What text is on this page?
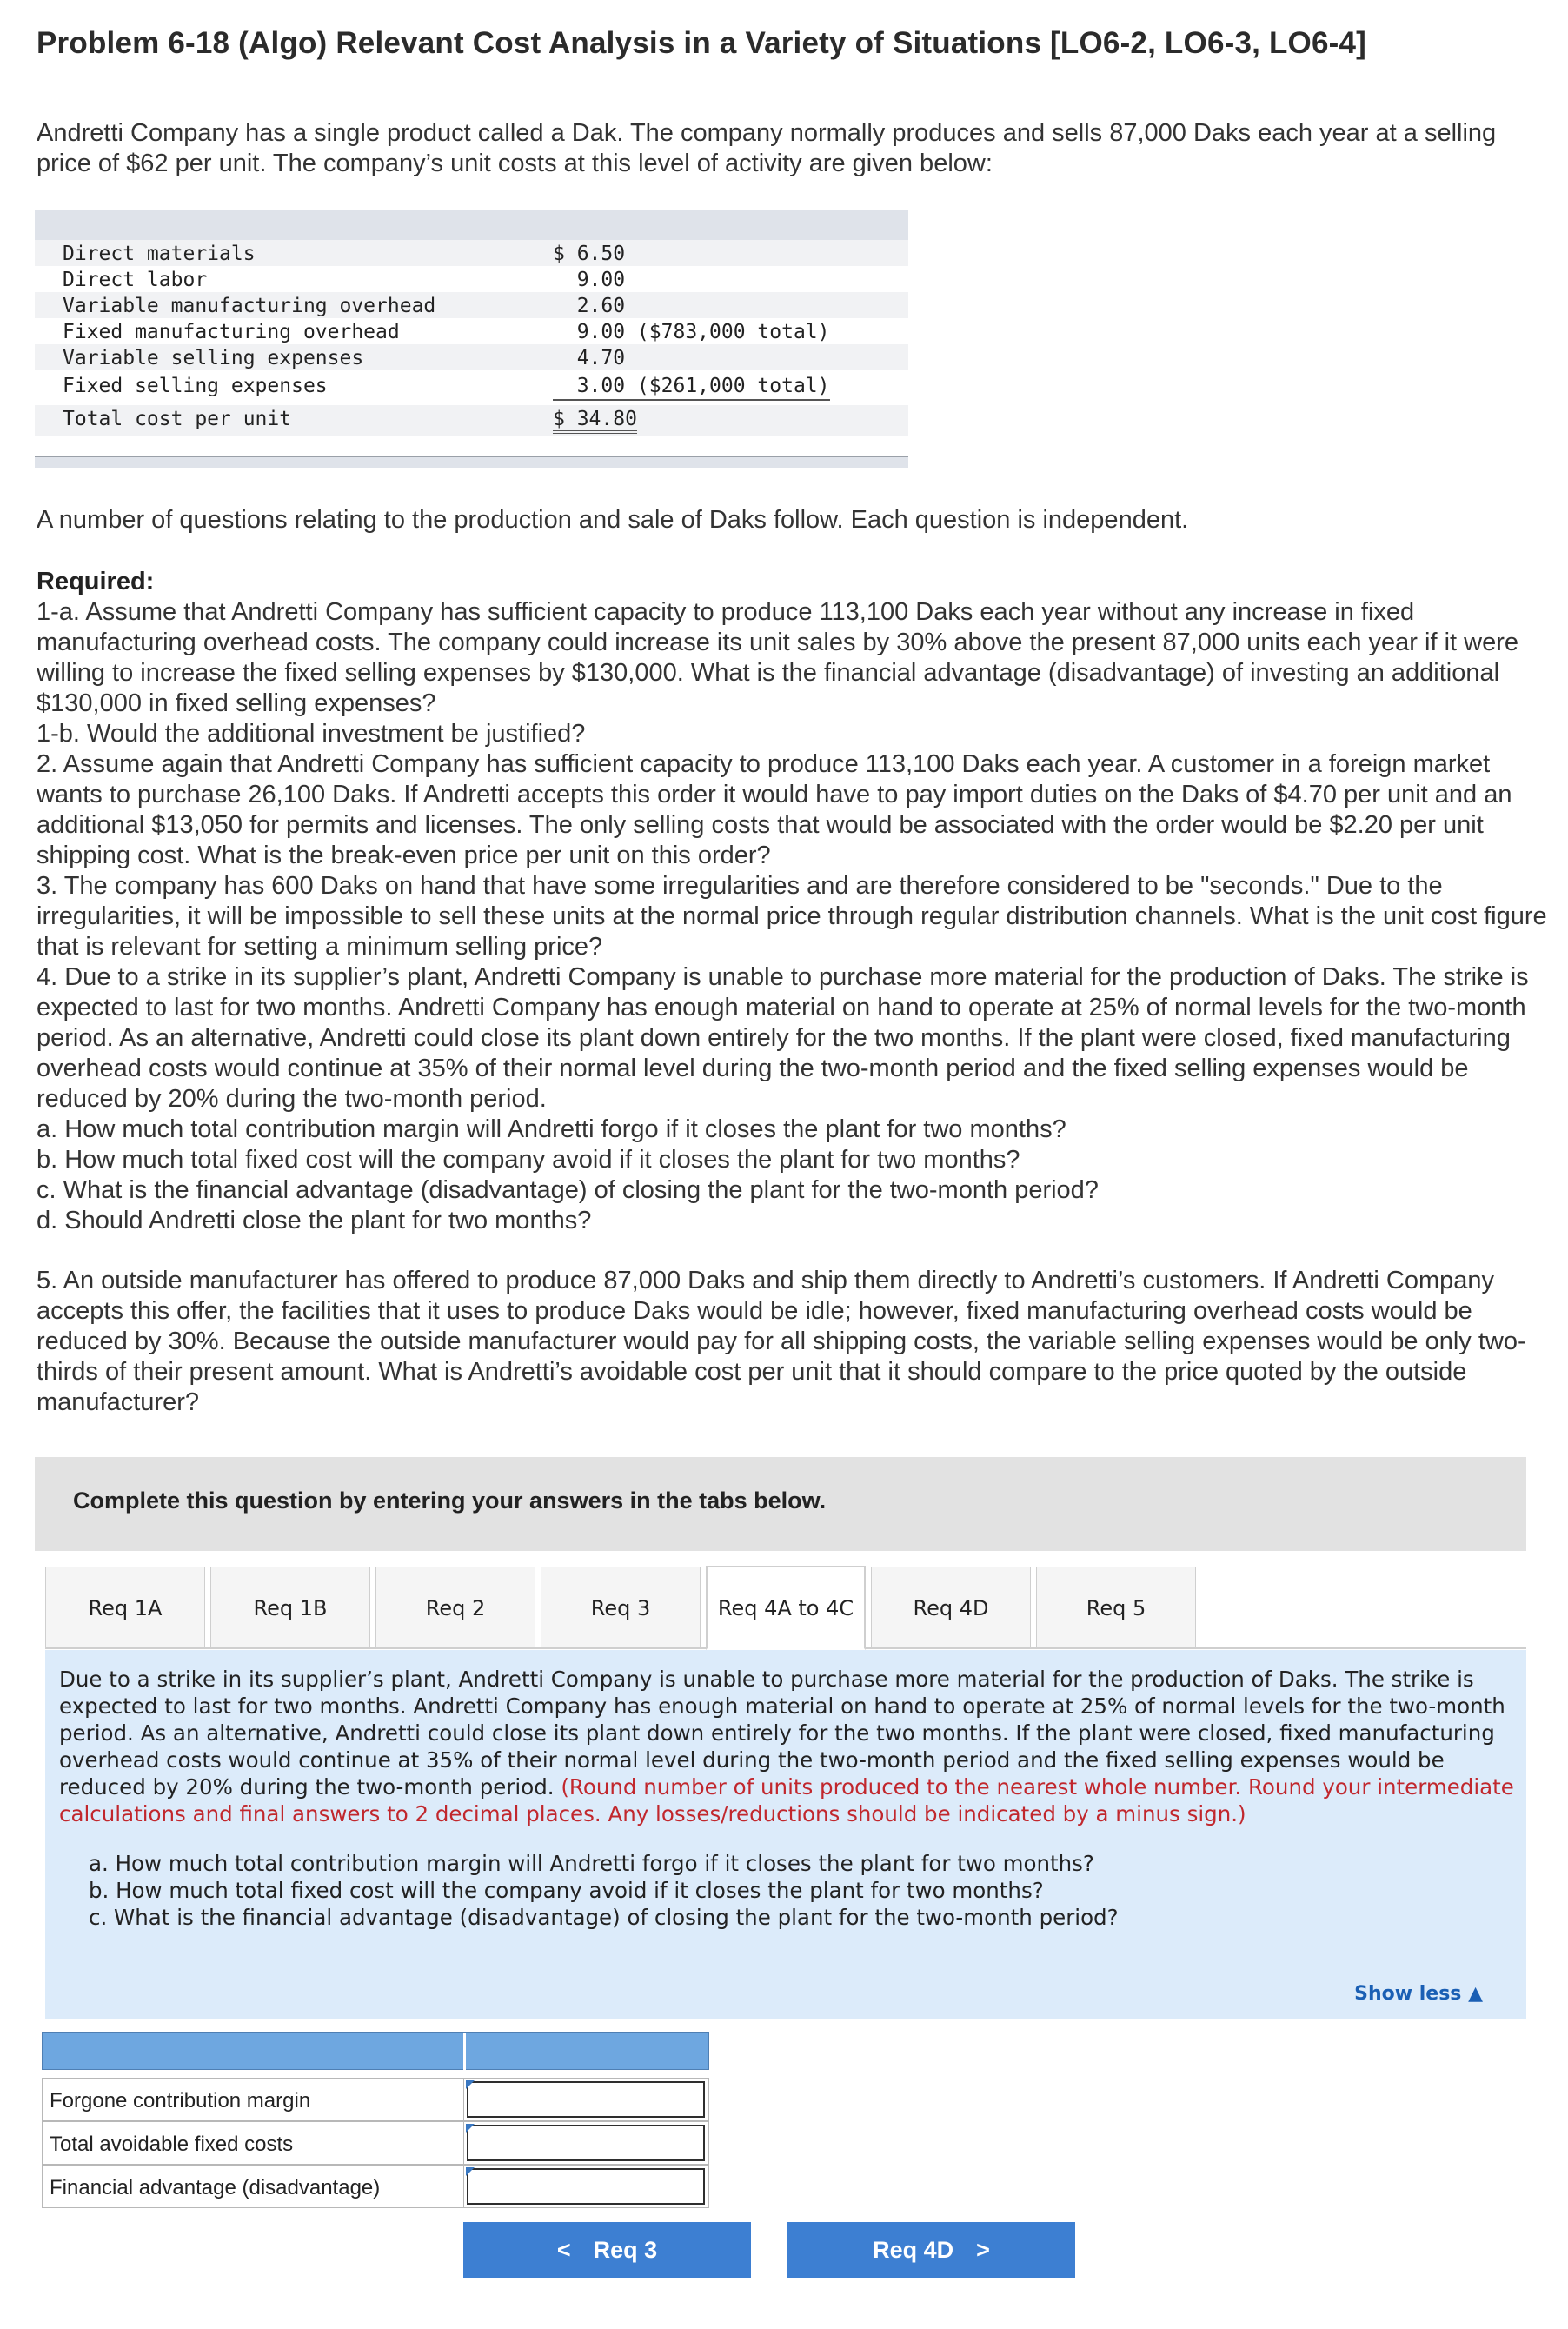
Problem 6-18 (Algo) Relevant Cost Analysis in a Variety of Situations [LO6-2, LO6-3, LO6-4]

Andretti Company has a single product called a Dak. The company normally produces and sells 87,000 Daks each year at a selling price of $62 per unit. The company’s unit costs at this level of activity are given below:

Direct materials	$ 6.50
Direct labor	9.00
Variable manufacturing overhead	2.60
Fixed manufacturing overhead	9.00 ($783,000 total)
Variable selling expenses	4.70
Fixed selling expenses	3.00 ($261,000 total)
Total cost per unit	$ 34.80

A number of questions relating to the production and sale of Daks follow. Each question is independent.

Required:

1-a. Assume that Andretti Company has sufficient capacity to produce 113,100 Daks each year without any increase in fixed manufacturing overhead costs. The company could increase its unit sales by 30% above the present 87,000 units each year if it were willing to increase the fixed selling expenses by $130,000. What is the financial advantage (disadvantage) of investing an additional $130,000 in fixed selling expenses?

1-b. Would the additional investment be justified?

2. Assume again that Andretti Company has sufficient capacity to produce 113,100 Daks each year. A customer in a foreign market wants to purchase 26,100 Daks. If Andretti accepts this order it would have to pay import duties on the Daks of $4.70 per unit and an additional $13,050 for permits and licenses. The only selling costs that would be associated with the order would be $2.20 per unit shipping cost. What is the break-even price per unit on this order?

3. The company has 600 Daks on hand that have some irregularities and are therefore considered to be "seconds." Due to the irregularities, it will be impossible to sell these units at the normal price through regular distribution channels. What is the unit cost figure that is relevant for setting a minimum selling price?

4. Due to a strike in its supplier’s plant, Andretti Company is unable to purchase more material for the production of Daks. The strike is expected to last for two months. Andretti Company has enough material on hand to operate at 25% of normal levels for the two-month period. As an alternative, Andretti could close its plant down entirely for the two months. If the plant were closed, fixed manufacturing overhead costs would continue at 35% of their normal level during the two-month period and the fixed selling expenses would be reduced by 20% during the two-month period.

a. How much total contribution margin will Andretti forgo if it closes the plant for two months?

b. How much total fixed cost will the company avoid if it closes the plant for two months?

c. What is the financial advantage (disadvantage) of closing the plant for the two-month period?

d. Should Andretti close the plant for two months?

5. An outside manufacturer has offered to produce 87,000 Daks and ship them directly to Andretti’s customers. If Andretti Company accepts this offer, the facilities that it uses to produce Daks would be idle; however, fixed manufacturing overhead costs would be reduced by 30%. Because the outside manufacturer would pay for all shipping costs, the variable selling expenses would be only two-thirds of their present amount. What is Andretti’s avoidable cost per unit that it should compare to the price quoted by the outside manufacturer?

Complete this question by entering your answers in the tabs below.
Req 1A	Req 1B	Req 2	Req 3	Req 4A to 4C	Req 4D	Req 5

Due to a strike in its supplier’s plant, Andretti Company is unable to purchase more material for the production of Daks. The strike is expected to last for two months. Andretti Company has enough material on hand to operate at 25% of normal levels for the two-month period. As an alternative, Andretti could close its plant down entirely for the two months. If the plant were closed, fixed manufacturing overhead costs would continue at 35% of their normal level during the two-month period and the fixed selling expenses would be reduced by 20% during the two-month period. (Round number of units produced to the nearest whole number. Round your intermediate calculations and final answers to 2 decimal places. Any losses/reductions should be indicated by a minus sign.)

a. How much total contribution margin will Andretti forgo if it closes the plant for two months?

b. How much total fixed cost will the company avoid if it closes the plant for two months?

c. What is the financial advantage (disadvantage) of closing the plant for the two-month period?

Show less ▲
Forgone contribution margin
Total avoidable fixed costs
Financial advantage (disadvantage)
< Req 3	Req 4D >
